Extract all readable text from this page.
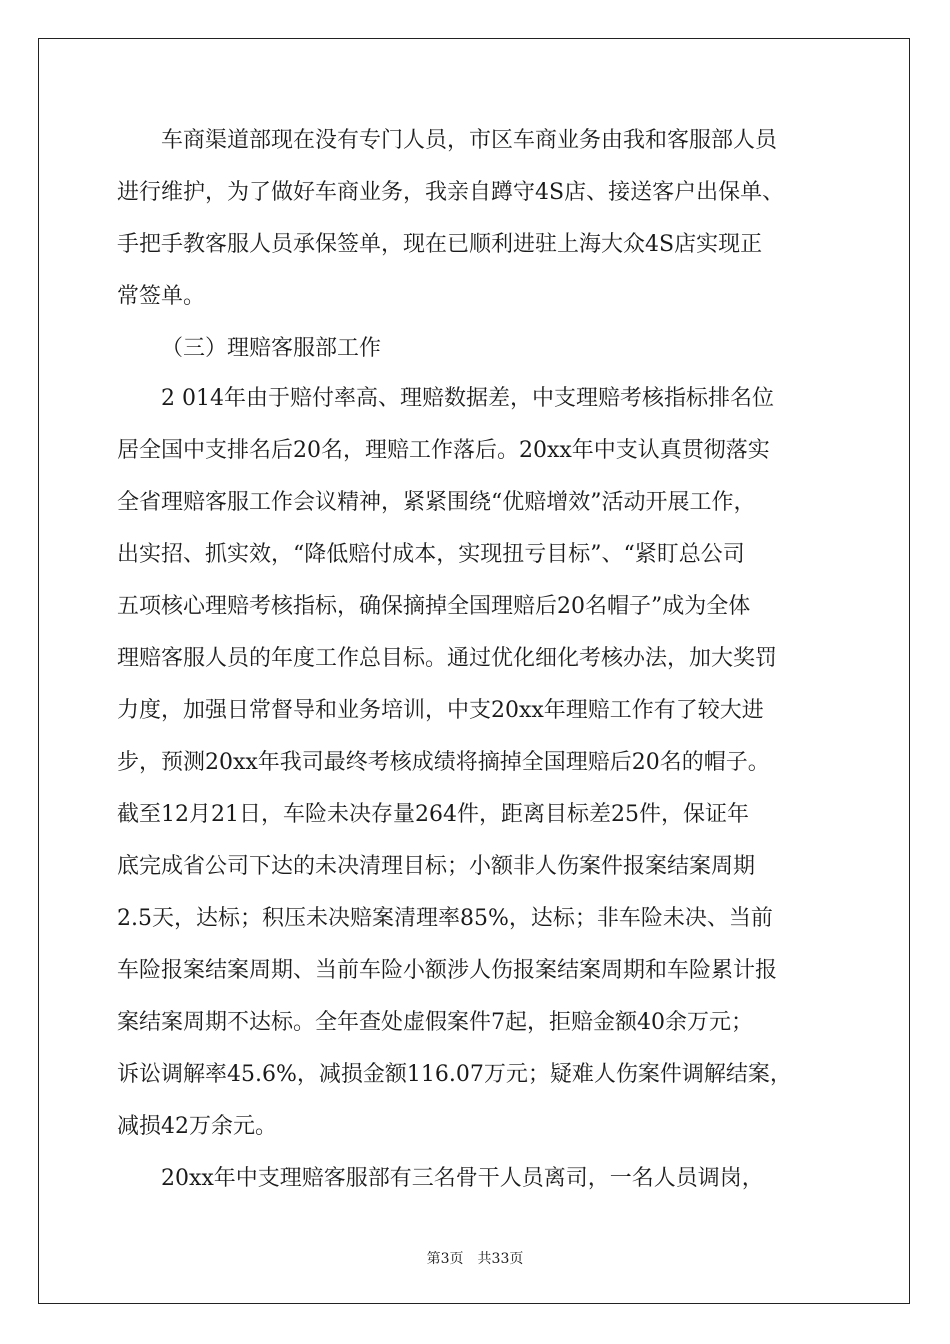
车商渠道部现在没有专门人员，市区车商业务由我和客服部人员
进行维护，为了做好车商业务，我亲自蹲守4S店、接送客户出保单、
手把手教客服人员承保签单，现在已顺利进驻上海大众4S店实现正
常签单。
（三）理赔客服部工作
2 014年由于赔付率高、理赔数据差，中支理赔考核指标排名位
居全国中支排名后20名，理赔工作落后。20xx年中支认真贯彻落实
全省理赔客服工作会议精神，紧紧围绕“优赔增效”活动开展工作，
出实招、抓实效，“降低赔付成本，实现扭亏目标”、“紧盯总公司
五项核心理赔考核指标，确保摘掉全国理赔后20名帽子”成为全体
理赔客服人员的年度工作总目标。通过优化细化考核办法，加大奖罚
力度，加强日常督导和业务培训，中支20xx年理赔工作有了较大进
步，预测20xx年我司最终考核成绩将摘掉全国理赔后20名的帽子。
截至12月21日，车险未决存量264件，距离目标差25件，保证年
底完成省公司下达的未决清理目标；小额非人伤案件报案结案周期
2.5天，达标；积压未决赔案清理率85%，达标；非车险未决、当前
车险报案结案周期、当前车险小额涉人伤报案结案周期和车险累计报
案结案周期不达标。全年查处虚假案件7起，拒赔金额40余万元；
诉讼调解率45.6%，减损金额116.07万元；疑难人伤案件调解结案，
减损42万余元。
20xx年中支理赔客服部有三名骨干人员离司，一名人员调岗，
第3页 共33页
